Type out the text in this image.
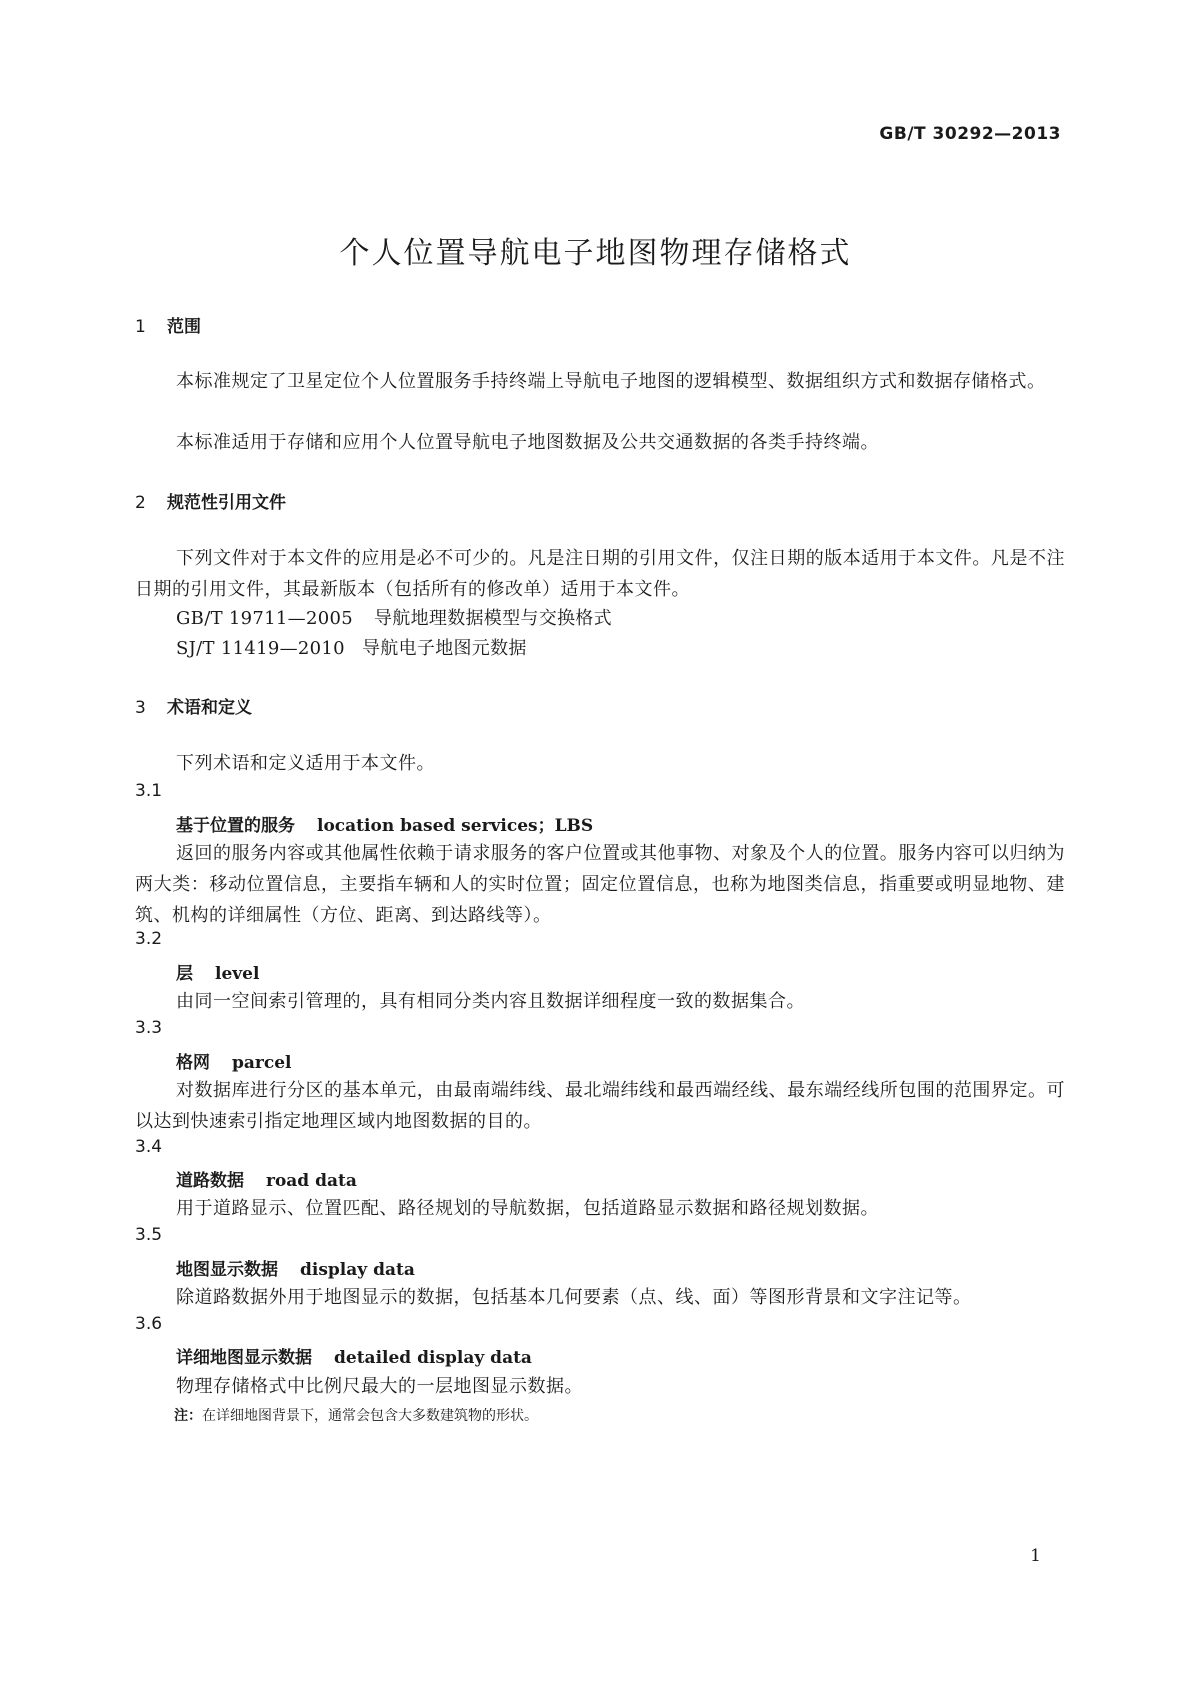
GB/T 30292—2013
个人位置导航电子地图物理存储格式
1 范围
本标准规定了卫星定位个人位置服务手持终端上导航电子地图的逻辑模型、数据组织方式和数据存储格式。
本标准适用于存储和应用个人位置导航电子地图数据及公共交通数据的各类手持终端。
2 规范性引用文件
下列文件对于本文件的应用是必不可少的。凡是注日期的引用文件，仅注日期的版本适用于本文件。凡是不注日期的引用文件，其最新版本（包括所有的修改单）适用于本文件。
GB/T 19711—2005 导航地理数据模型与交换格式
SJ/T 11419—2010 导航电子地图元数据
3 术语和定义
下列术语和定义适用于本文件。
3.1
基于位置的服务 location based services；LBS
返回的服务内容或其他属性依赖于请求服务的客户位置或其他事物、对象及个人的位置。服务内容可以归纳为两大类：移动位置信息，主要指车辆和人的实时位置；固定位置信息，也称为地图类信息，指重要或明显地物、建筑、机构的详细属性（方位、距离、到达路线等）。
3.2
层 level
由同一空间索引管理的，具有相同分类内容且数据详细程度一致的数据集合。
3.3
格网 parcel
对数据库进行分区的基本单元，由最南端纬线、最北端纬线和最西端经线、最东端经线所包围的范围界定。可以达到快速索引指定地理区域内地图数据的目的。
3.4
道路数据 road data
用于道路显示、位置匹配、路径规划的导航数据，包括道路显示数据和路径规划数据。
3.5
地图显示数据 display data
除道路数据外用于地图显示的数据，包括基本几何要素（点、线、面）等图形背景和文字注记等。
3.6
详细地图显示数据 detailed display data
物理存储格式中比例尺最大的一层地图显示数据。
注：在详细地图背景下，通常会包含大多数建筑物的形状。
1
